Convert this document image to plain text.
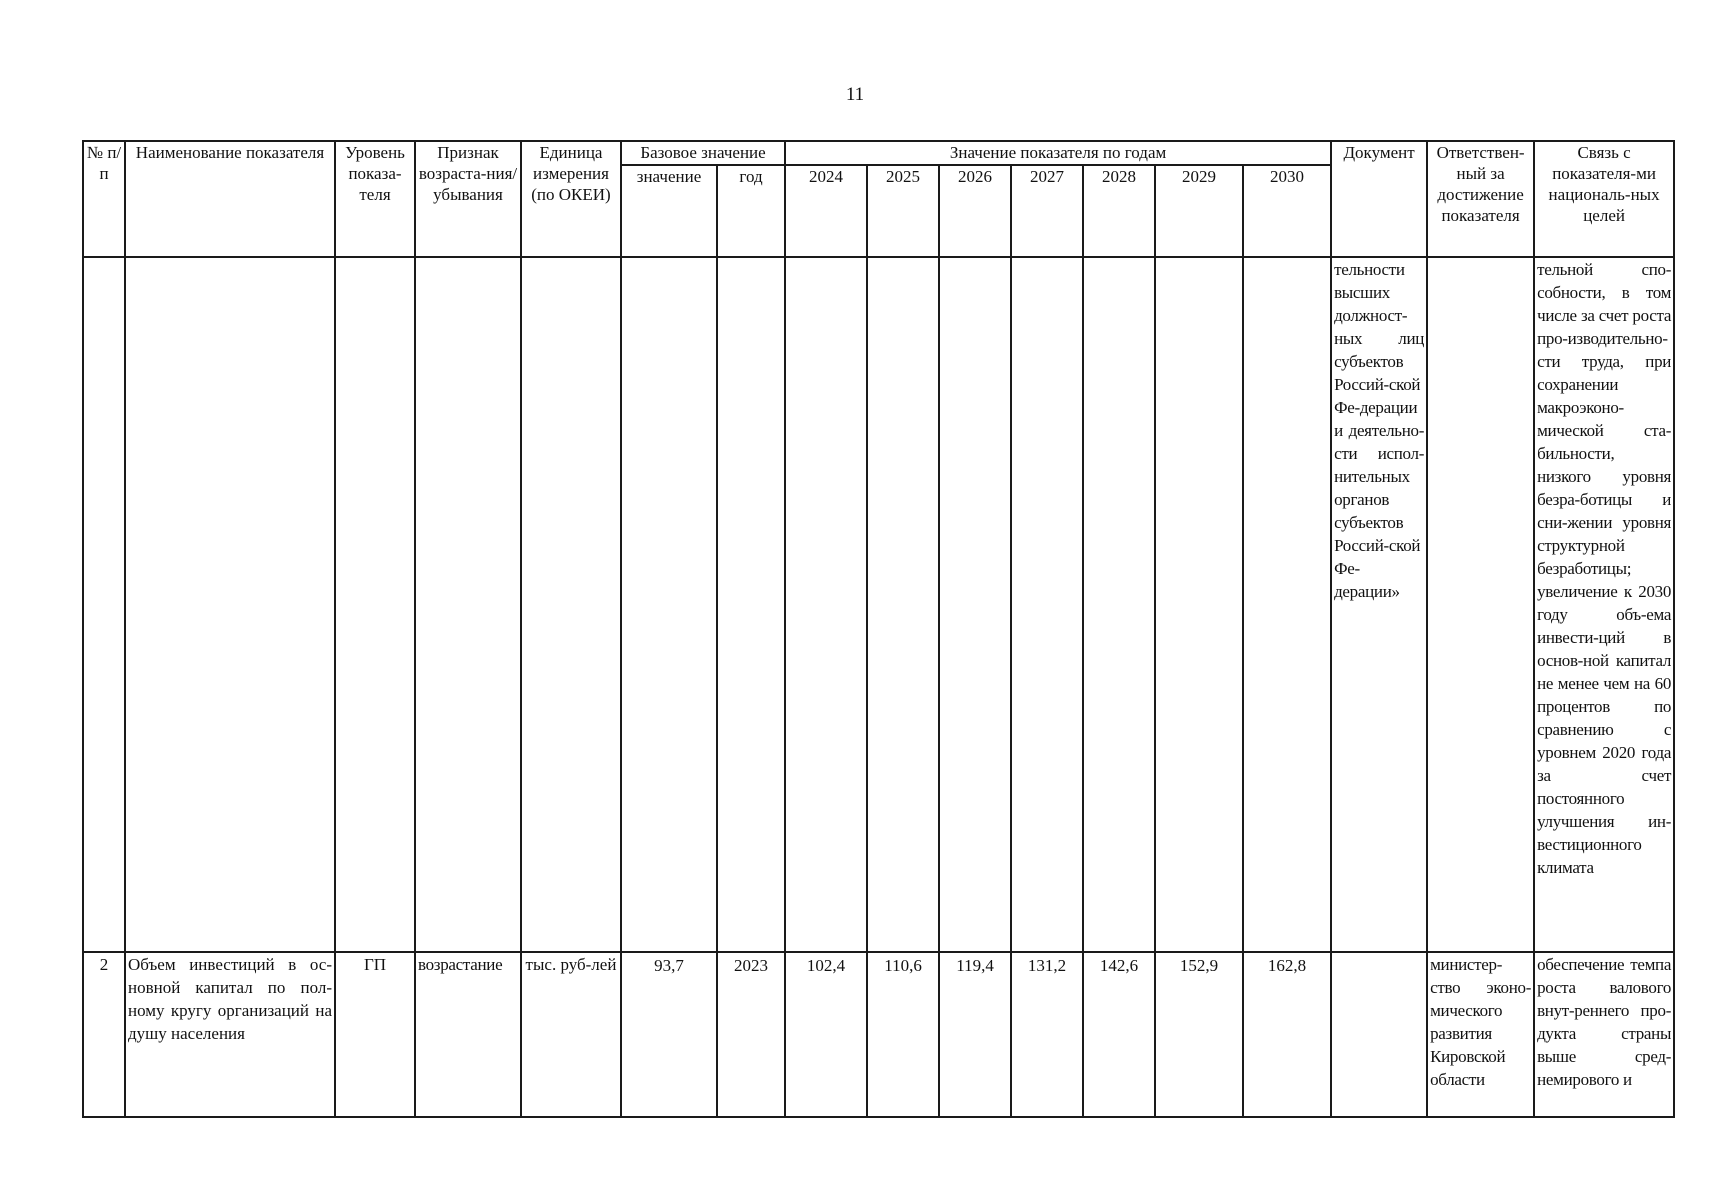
11
№ п/п	Наименование показателя	Уровень показа-теля	Признак возраста-ния/ убывания	Единица измерения (по ОКЕИ)	Базовое значение		Значение показателя по годам							Документ	Ответствен-ный за достижение показателя	Связь с показателя-ми националь-ных целей
					значение	год	2024	2025	2026	2027	2028	2029	2030			
														тельности высших должност-ных лиц субъектов Россий-ской Фе-дерации и деятельно-сти испол-нительных органов субъектов Россий-ской Фе-дерации»		тельной спо-собности, в том числе за счет роста про-изводительно-сти труда, при сохранении макроэконо-мической ста-бильности, низкого уровня безра-ботицы и сни-жении уровня структурной безработицы; увеличение к 2030 году объ-ема инвести-ций в основ-ной капитал не менее чем на 60 процентов по сравнению с уровнем 2020 года за счет постоянного улучшения ин-вестиционного климата
2	Объем инвестиций в ос-новной капитал по пол-ному кругу организаций на душу населения	ГП	возрастание	тыс. руб-лей	93,7	2023	102,4	110,6	119,4	131,2	142,6	152,9	162,8		министер-ство эконо-мического развития Кировской области	обеспечение темпа роста валового внут-реннего про-дукта страны выше сред-немирового и
